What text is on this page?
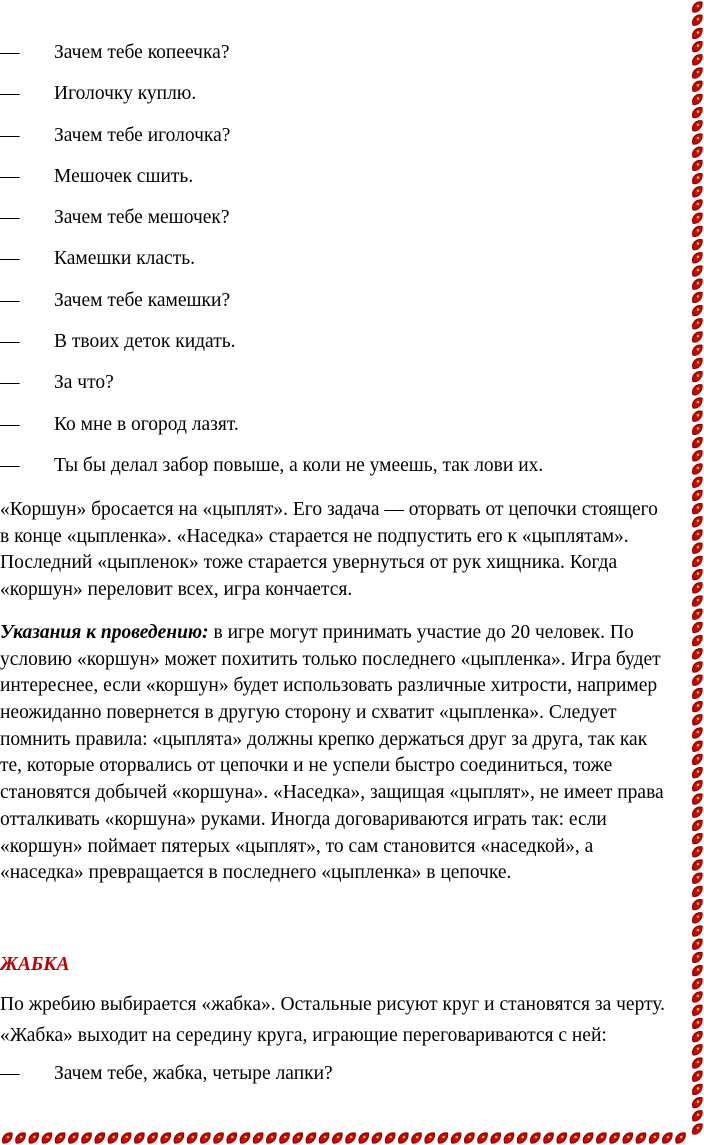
— Зачем тебе копеечка?
— Иголочку куплю.
— Зачем тебе иголочка?
— Мешочек сшить.
— Зачем тебе мешочек?
— Камешки класть.
— Зачем тебе камешки?
— В твоих деток кидать.
— За что?
— Ко мне в огород лазят.
— Ты бы делал забор повыше, а коли не умеешь, так лови их.
«Коршун» бросается на «цыплят». Его задача — оторвать от цепочки стоящего
в конце «цыпленка». «Наседка» старается не подпустить его к «цыплятам».
Последний «цыпленок» тоже старается увернуться от рук хищника. Когда
«коршун» переловит всех, игра кончается.
Указания к проведению: в игре могут принимать участие до 20 человек. По
условию «коршун» может похитить только последнего «цыпленка». Игра будет
интереснее, если «коршун» будет использовать различные хитрости, например
неожиданно повернется в другую сторону и схватит «цыпленка». Следует
помнить правила: «цыплята» должны крепко держаться друг за друга, так как
те, которые оторвались от цепочки и не успели быстро соединиться, тоже
становятся добычей «коршуна». «Наседка», защищая «цыплят», не имеет права
отталкивать «коршуна» руками. Иногда договариваются играть так: если
«коршун» поймает пятерых «цыплят», то сам становится «наседкой», а
«наседка» превращается в последнего «цыпленка» в цепочке.
ЖАБКА
По жребию выбирается «жабка». Остальные рисуют круг и становятся за черту.
«Жабка» выходит на середину круга, играющие переговариваются с ней:
— Зачем тебе, жабка, четыре лапки?
